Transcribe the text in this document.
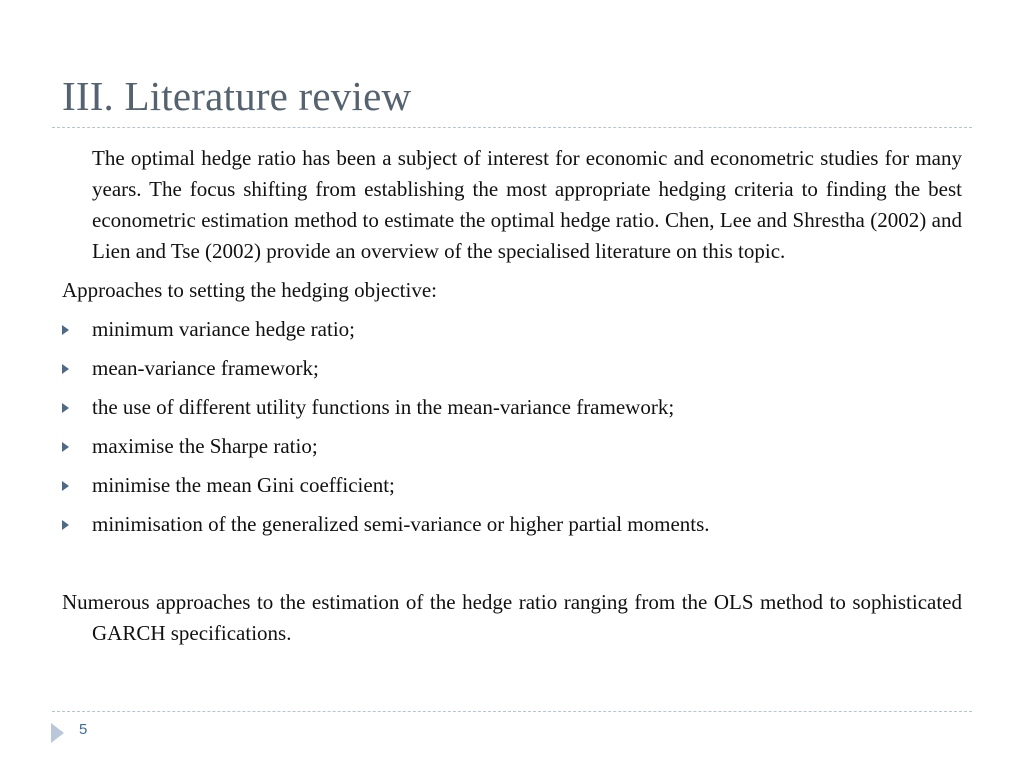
III. Literature review

The optimal hedge ratio has been a subject of interest for economic and econometric studies for many years. The focus shifting from establishing the most appropriate hedging criteria to finding the best econometric estimation method to estimate the optimal hedge ratio. Chen, Lee and Shrestha (2002) and Lien and Tse (2002) provide an overview of the specialised literature on this topic.

Approaches to setting the hedging objective:

minimum variance hedge ratio;
mean-variance framework;
the use of different utility functions in the mean-variance framework;
maximise the Sharpe ratio;
minimise the mean Gini coefficient;
minimisation of the generalized semi-variance or higher partial moments.

Numerous approaches to the estimation of the hedge ratio ranging from the OLS method to sophisticated GARCH specifications.

5
